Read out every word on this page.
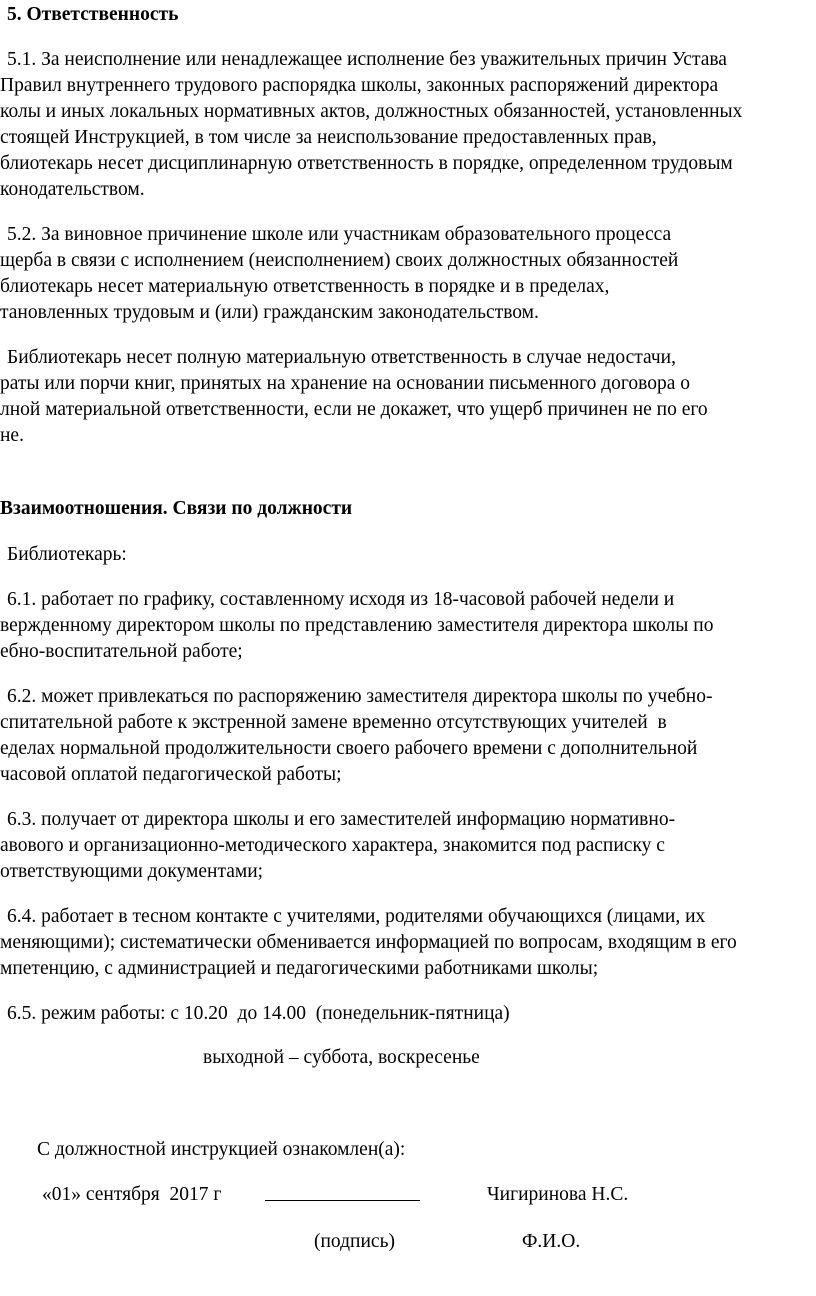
5. Ответственность
5.1. За неисполнение или ненадлежащее исполнение без уважительных причин Устава
Правил внутреннего трудового распорядка школы, законных распоряжений директора
колы и иных локальных нормативных актов, должностных обязанностей, установленных
стоящей Инструкцией, в том числе за неиспользование предоставленных прав,
блиотекарь несет дисциплинарную ответственность в порядке, определенном трудовым
конодательством.
5.2. За виновное причинение школе или участникам образовательного процесса
щерба в связи с исполнением (неисполнением) своих должностных обязанностей
блиотекарь несет материальную ответственность в порядке и в пределах,
тановленных трудовым и (или) гражданским законодательством.
Библиотекарь несет полную материальную ответственность в случае недостачи,
раты или порчи книг, принятых на хранение на основании письменного договора о
лной материальной ответственности, если не докажет, что ущерб причинен не по его
не.
Взаимоотношения. Связи по должности
Библиотекарь:
6.1. работает по графику, составленному исходя из 18-часовой рабочей недели и
вержденному директором школы по представлению заместителя директора школы по
ебно-воспитательной работе;
6.2. может привлекаться по распоряжению заместителя директора школы по учебно-
спитательной работе к экстренной замене временно отсутствующих учителей  в
еделах нормальной продолжительности своего рабочего времени с дополнительной
часовой оплатой педагогической работы;
6.3. получает от директора школы и его заместителей информацию нормативно-
авового и организационно-методического характера, знакомится под расписку с
ответствующими документами;
6.4. работает в тесном контакте с учителями, родителями обучающихся (лицами, их
меняющими); систематически обменивается информацией по вопросам, входящим в его
мпетенцию, с администрацией и педагогическими работниками школы;
6.5. режим работы: с 10.20  до 14.00  (понедельник-пятница)
выходной – суббота, воскресенье
С должностной инструкцией ознакомлен(а):
«01» сентября  2017 г	Чигиринова Н.С.
(подпись)	Ф.И.О.
